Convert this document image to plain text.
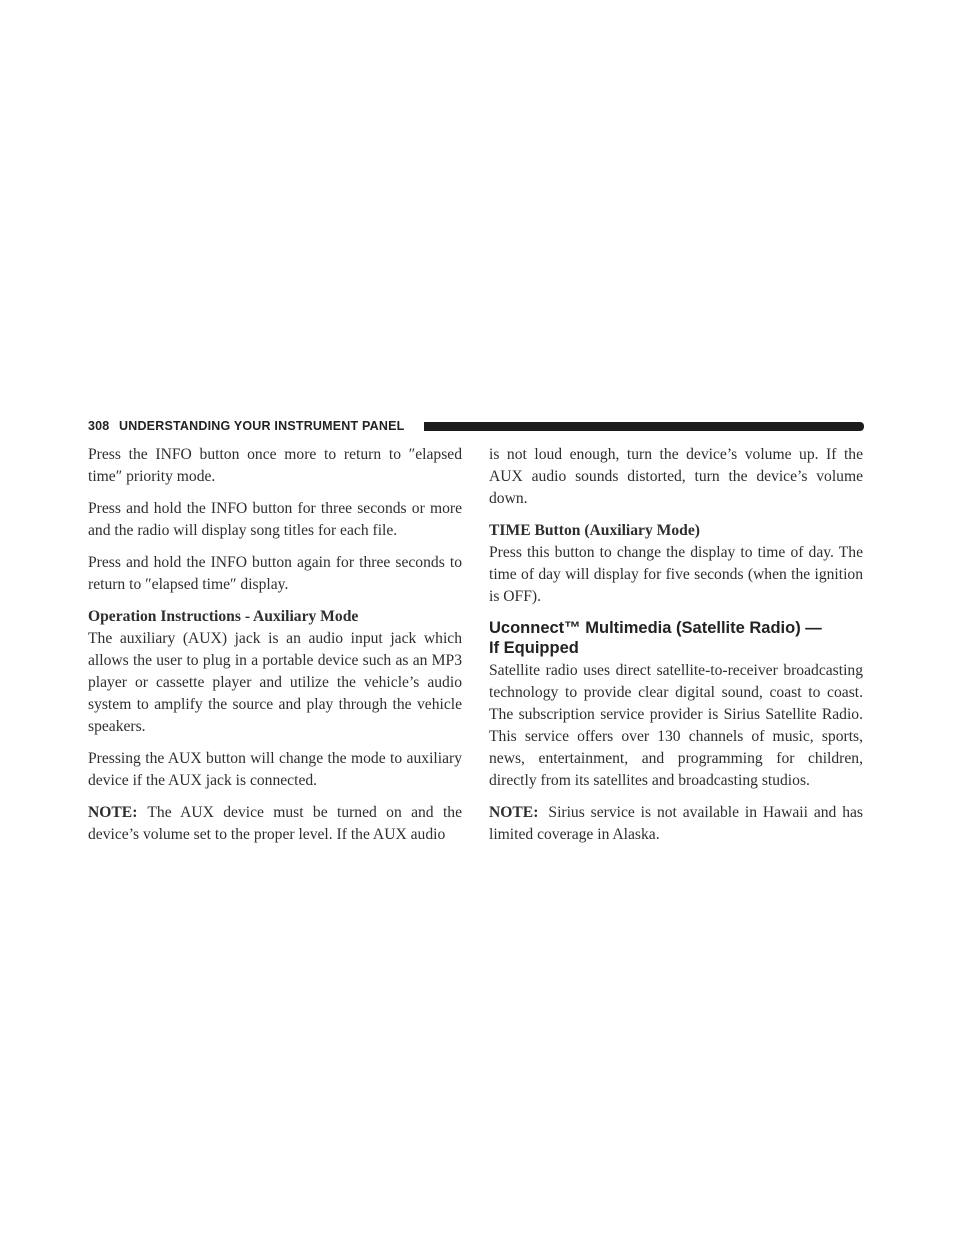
308 UNDERSTANDING YOUR INSTRUMENT PANEL

Press the INFO button once more to return to ″elapsed time″ priority mode.

Press and hold the INFO button for three seconds or more and the radio will display song titles for each file.

Press and hold the INFO button again for three seconds to return to ″elapsed time″ display.

Operation Instructions - Auxiliary Mode
The auxiliary (AUX) jack is an audio input jack which allows the user to plug in a portable device such as an MP3 player or cassette player and utilize the vehicle’s audio system to amplify the source and play through the vehicle speakers.

Pressing the AUX button will change the mode to auxiliary device if the AUX jack is connected.

NOTE: The AUX device must be turned on and the device’s volume set to the proper level. If the AUX audio

is not loud enough, turn the device’s volume up. If the AUX audio sounds distorted, turn the device’s volume down.

TIME Button (Auxiliary Mode)
Press this button to change the display to time of day. The time of day will display for five seconds (when the ignition is OFF).

Uconnect™ Multimedia (Satellite Radio) —
If Equipped

Satellite radio uses direct satellite-to-receiver broadcasting technology to provide clear digital sound, coast to coast. The subscription service provider is Sirius Satellite Radio. This service offers over 130 channels of music, sports, news, entertainment, and programming for children, directly from its satellites and broadcasting studios.

NOTE: Sirius service is not available in Hawaii and has limited coverage in Alaska.
